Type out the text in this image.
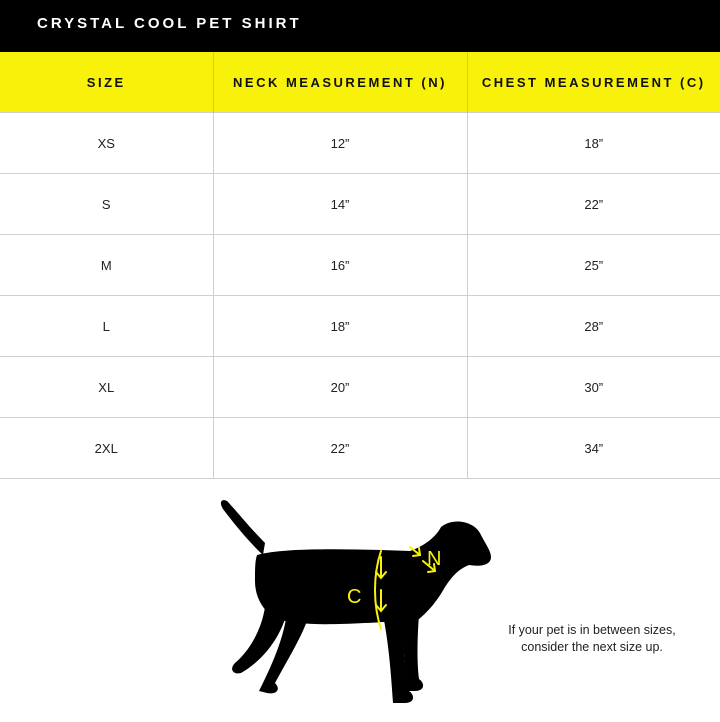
CRYSTAL COOL PET SHIRT
SIZE	NECK MEASUREMENT (N)	CHEST MEASUREMENT (C)
XS	12”	18”
S	14”	22”
M	16”	25”
L	18”	28”
XL	20”	30”
2XL	22”	34”
C
N
If your pet is in between sizes,
consider the next size up.
